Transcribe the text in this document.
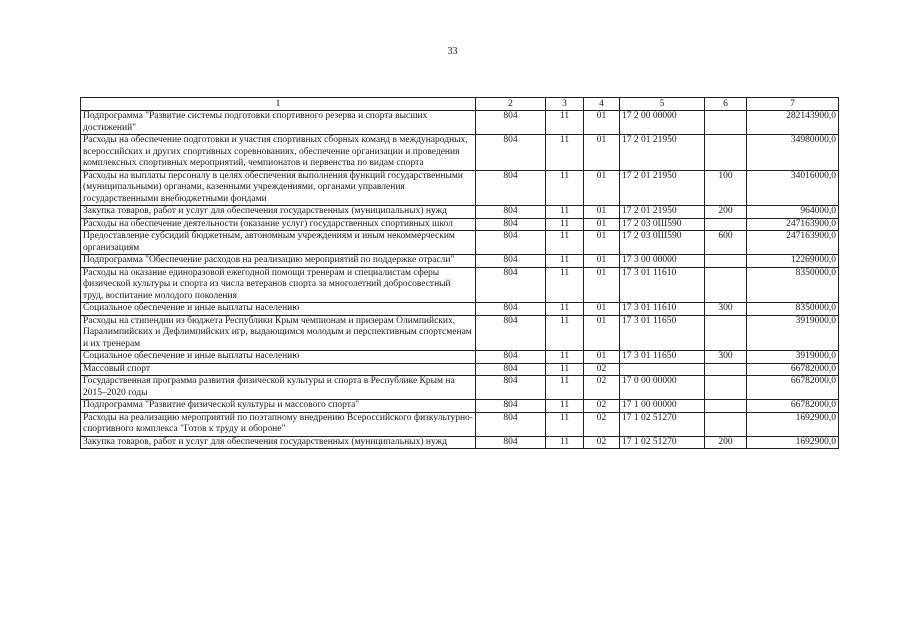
33
1	2	3	4	5	6	7
Подпрограмма "Развитие системы подготовки спортивного резерва и спорта высших достижений"	804	11	01	17 2 00 00000		282143900,0
Расходы на обеспечение подготовки и участия спортивных сборных команд в международных, всероссийских и других спортивных соревнованиях, обеспечение организации и проведения комплексных спортивных мероприятий, чемпионатов и первенства по видам спорта	804	11	01	17 2 01 21950		34980000,0
Расходы на выплаты персоналу в целях обеспечения выполнения функций государственными (муниципальными) органами, казенными учреждениями, органами управления государственными внебюджетными фондами	804	11	01	17 2 01 21950	100	34016000,0
Закупка товаров, работ и услуг для обеспечения государственных (муниципальных) нужд	804	11	01	17 2 01 21950	200	964000,0
Расходы на обеспечение деятельности (оказание услуг) государственных спортивных школ	804	11	01	17 2 03 0Ш590		247163900,0
Предоставление субсидий бюджетным, автономным учреждениям и иным некоммерческим организациям	804	11	01	17 2 03 0Ш590	600	247163900,0
Подпрограмма "Обеспечение расходов на реализацию мероприятий по поддержке отрасли"	804	11	01	17 3 00 00000		12269000,0
Расходы на оказание единоразовой ежегодной помощи тренерам и специалистам сферы физической культуры и спорта из числа ветеранов спорта за многолетний добросовестный труд, воспитание молодого поколения	804	11	01	17 3 01 11610		8350000,0
Социальное обеспечение и иные выплаты населению	804	11	01	17 3 01 11610	300	8350000,0
Расходы на стипендии из бюджета Республики Крым чемпионам и призерам Олимпийских, Паралимпийских и Дефлимпийских игр, выдающимся молодым и перспективным спортсменам и их тренерам	804	11	01	17 3 01 11650		3919000,0
Социальное обеспечение и иные выплаты населению	804	11	01	17 3 01 11650	300	3919000,0
Массовый спорт	804	11	02			66782000,0
Государственная программа развития физической культуры и спорта в Республике Крым на 2015–2020 годы	804	11	02	17 0 00 00000		66782000,0
Подпрограмма "Развитие физической культуры и массового спорта"	804	11	02	17 1 00 00000		66782000,0
Расходы на реализацию мероприятий по поэтапному внедрению Всероссийского физкультурно-спортивного комплекса "Готов к труду и обороне"	804	11	02	17 1 02 51270		1692900,0
Закупка товаров, работ и услуг для обеспечения государственных (муниципальных) нужд	804	11	02	17 1 02 51270	200	1692900,0
